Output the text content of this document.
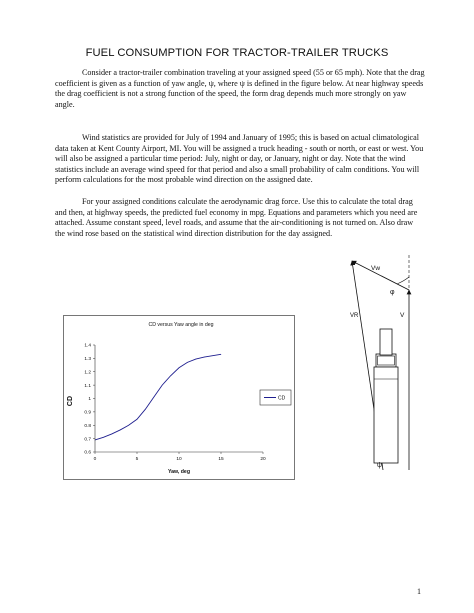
FUEL CONSUMPTION FOR TRACTOR-TRAILER TRUCKS

Consider a tractor-trailer combination traveling at your assigned speed (55 or 65 mph). Note that the drag coefficient is given as a function of yaw angle, ψ, where ψ is defined in the figure below. At near highway speeds the drag coefficient is not a strong function of the speed, the form drag depends much more strongly on yaw angle.

Wind statistics are provided for July of 1994 and January of 1995; this is based on actual climatological data taken at Kent County Airport, MI. You will be assigned a truck heading - south or north, or east or west. You will also be assigned a particular time period: July, night or day, or January, night or day. Note that the wind statistics include an average wind speed for that period and also a small probability of calm conditions. You will perform calculations for the most probable wind direction on the assigned date.

For your assigned conditions calculate the aerodynamic drag force. Use this to calculate the total drag and then, at highway speeds, the predicted fuel economy in mpg. Equations and parameters which you need are attached. Assume constant speed, level roads, and assume that the air-conditioning is not turned on. Also draw the wind rose based on the statistical wind direction distribution for the day assigned.

CD versus Yaw angle in deg
0.6
0.7
0.8
0.9
1
1.1
1.2
1.3
1.4
0	5	10	15	20
CD
Yaw, deg
CD
Vw
φ
VR	V
ψ
1
